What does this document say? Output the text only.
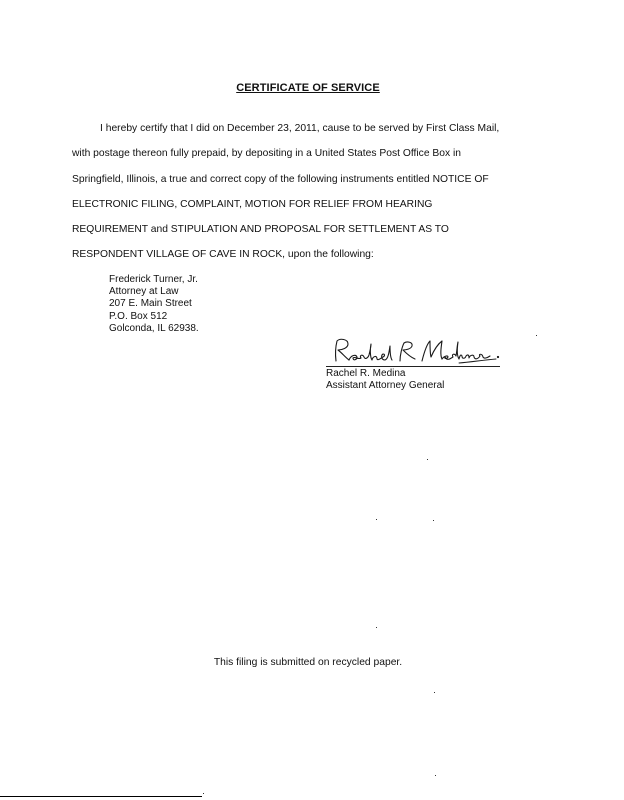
CERTIFICATE OF SERVICE
I hereby certify that I did on December 23, 2011, cause to be served by First Class Mail,
with postage thereon fully prepaid, by depositing in a United States Post Office Box in
Springfield, Illinois, a true and correct copy of the following instruments entitled NOTICE OF
ELECTRONIC FILING, COMPLAINT, MOTION FOR RELIEF FROM HEARING
REQUIREMENT and STIPULATION AND PROPOSAL FOR SETTLEMENT AS TO
RESPONDENT VILLAGE OF CAVE IN ROCK, upon the following:
Frederick Turner, Jr.
Attorney at Law
207 E. Main Street
P.O. Box 512
Golconda, IL 62938.
Rachel R. Medina
Assistant Attorney General
This filing is submitted on recycled paper.
